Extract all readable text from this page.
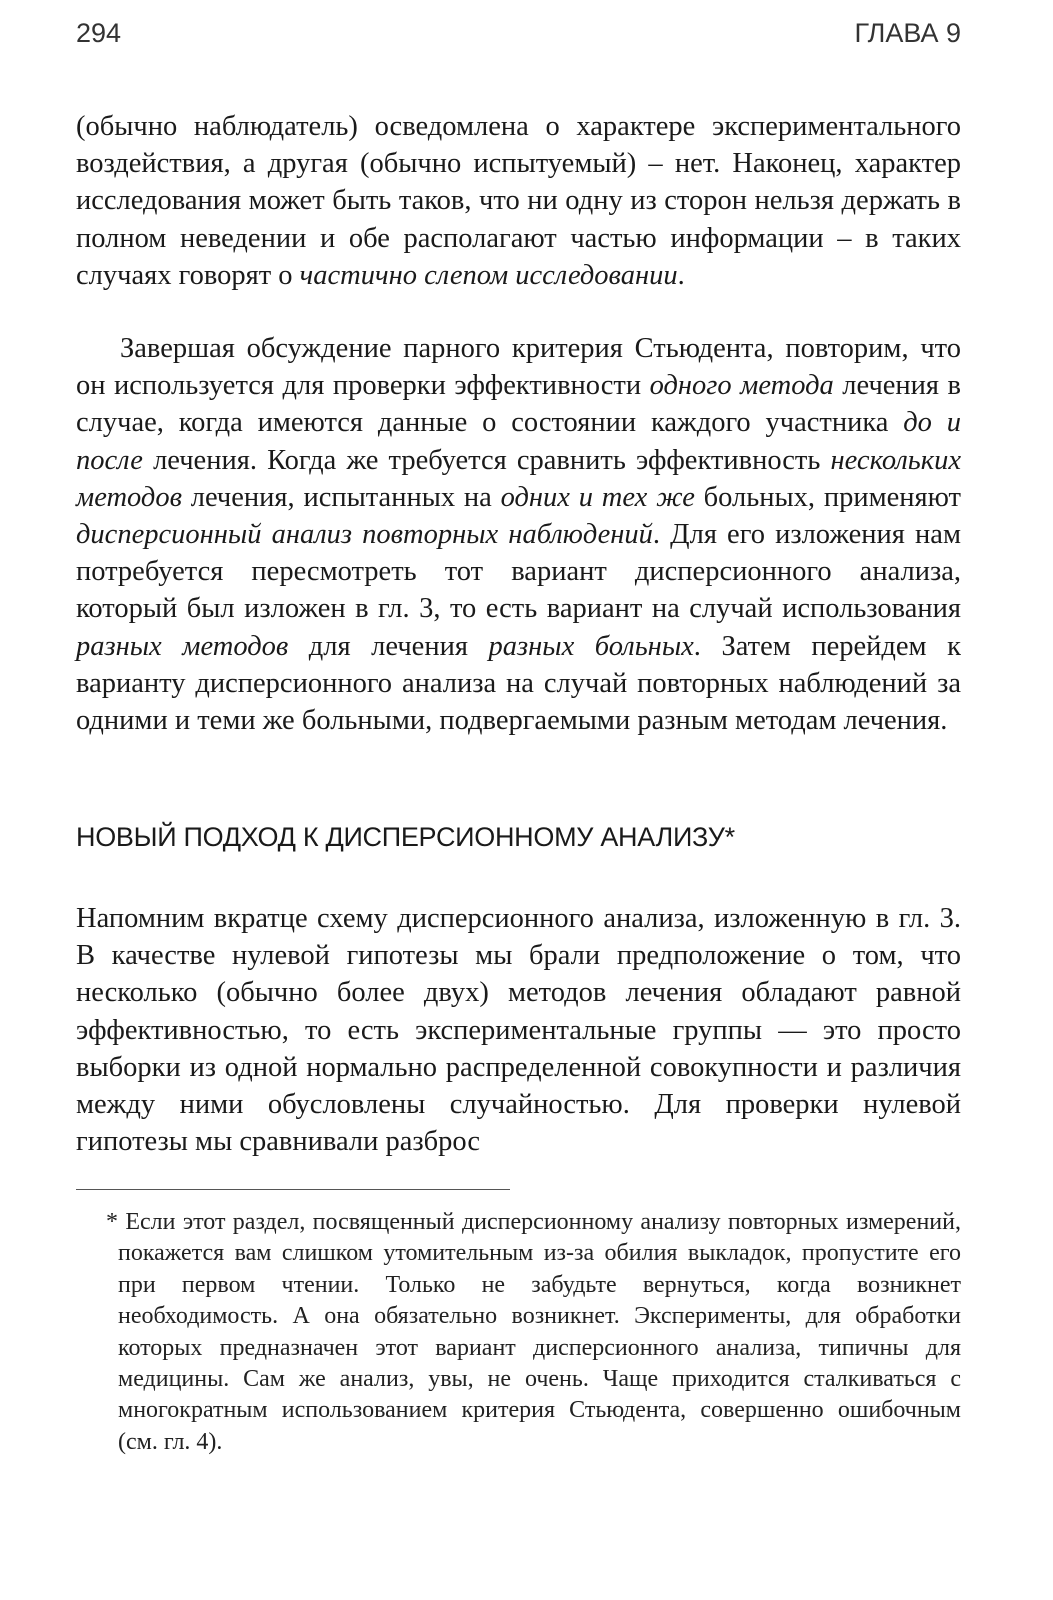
294	ГЛАВА 9

(обычно наблюдатель) осведомлена о характере экспериментального воздействия, а другая (обычно испытуемый) – нет. Наконец, характер исследования может быть таков, что ни одну из сторон нельзя держать в полном неведении и обе располагают частью информации – в таких случаях говорят о частично слепом исследовании.

Завершая обсуждение парного критерия Стьюдента, повторим, что он используется для проверки эффективности одного метода лечения в случае, когда имеются данные о состоянии каждого участника до и после лечения. Когда же требуется сравнить эффективность нескольких методов лечения, испытанных на одних и тех же больных, применяют дисперсионный анализ повторных наблюдений. Для его изложения нам потребуется пересмотреть тот вариант дисперсионного анализа, который был изложен в гл. 3, то есть вариант на случай использования разных методов для лечения разных больных. Затем перейдем к варианту дисперсионного анализа на случай повторных наблюдений за одними и теми же больными, подвергаемыми разным методам лечения.

НОВЫЙ ПОДХОД К ДИСПЕРСИОННОМУ АНАЛИЗУ*

Напомним вкратце схему дисперсионного анализа, изложенную в гл. 3. В качестве нулевой гипотезы мы брали предположение о том, что несколько (обычно более двух) методов лечения обладают равной эффективностью, то есть экспериментальные группы — это просто выборки из одной нормально распределенной совокупности и различия между ними обусловлены случайностью. Для проверки нулевой гипотезы мы сравнивали разброс

* Если этот раздел, посвященный дисперсионному анализу повторных измерений, покажется вам слишком утомительным из-за обилия выкладок, пропустите его при первом чтении. Только не забудьте вернуться, когда возникнет необходимость. А она обязательно возникнет. Эксперименты, для обработки которых предназначен этот вариант дисперсионного анализа, типичны для медицины. Сам же анализ, увы, не очень. Чаще приходится сталкиваться с многократным использованием критерия Стьюдента, совершенно ошибочным (см. гл. 4).
